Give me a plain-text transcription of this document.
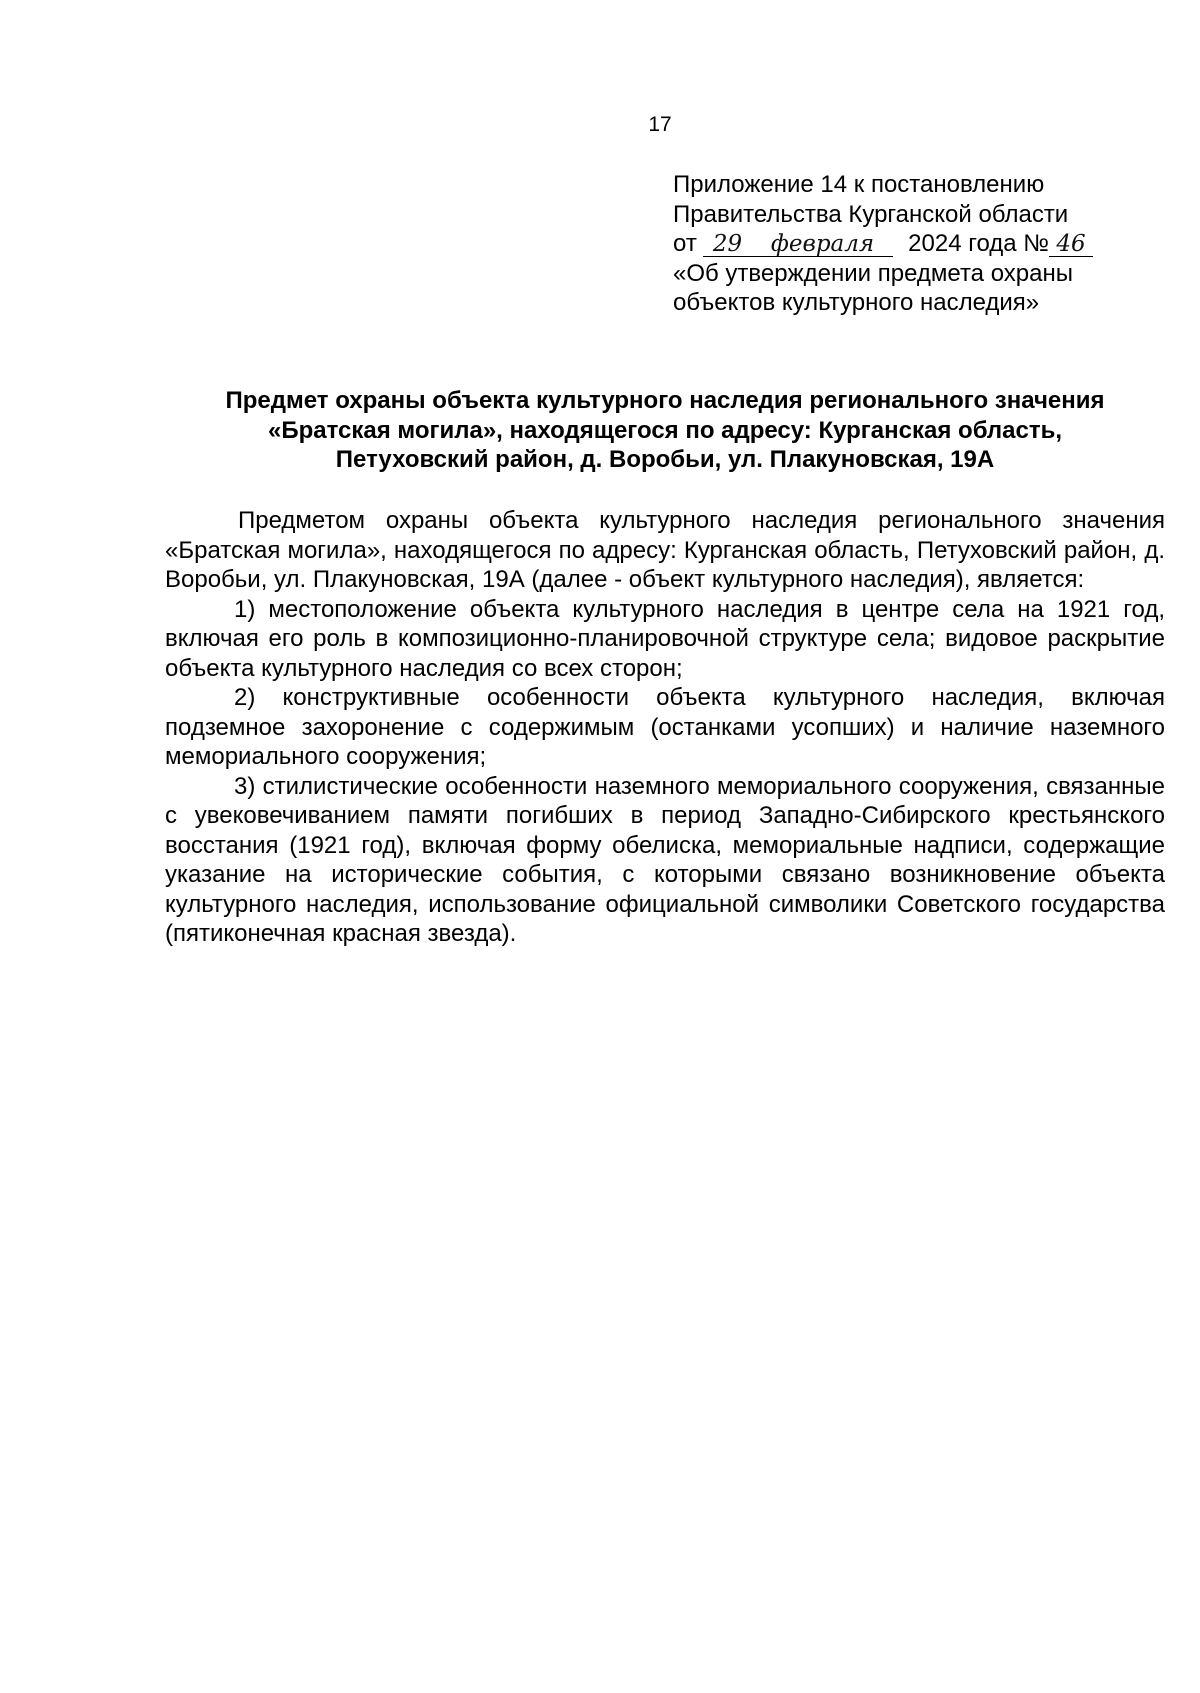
17
Приложение 14 к постановлению
Правительства Курганской области
от 29 февраля 2024 года № 46
«Об утверждении предмета охраны
объектов культурного наследия»
Предмет охраны объекта культурного наследия регионального значения
«Братская могила», находящегося по адресу: Курганская область,
Петуховский район, д. Воробьи, ул. Плакуновская, 19А

Предметом охраны объекта культурного наследия регионального значения «Братская могила», находящегося по адресу: Курганская область, Петуховский район, д. Воробьи, ул. Плакуновская, 19А (далее - объект культурного наследия), является:

1) местоположение объекта культурного наследия в центре села на 1921 год, включая его роль в композиционно-планировочной структуре села; видовое раскрытие объекта культурного наследия со всех сторон;

2) конструктивные особенности объекта культурного наследия, включая подземное захоронение с содержимым (останками усопших) и наличие наземного мемориального сооружения;

3) стилистические особенности наземного мемориального сооружения, связанные с увековечиванием памяти погибших в период Западно-Сибирского крестьянского восстания (1921 год), включая форму обелиска, мемориальные надписи, содержащие указание на исторические события, с которыми связано возникновение объекта культурного наследия, использование официальной символики Советского государства (пятиконечная красная звезда).
